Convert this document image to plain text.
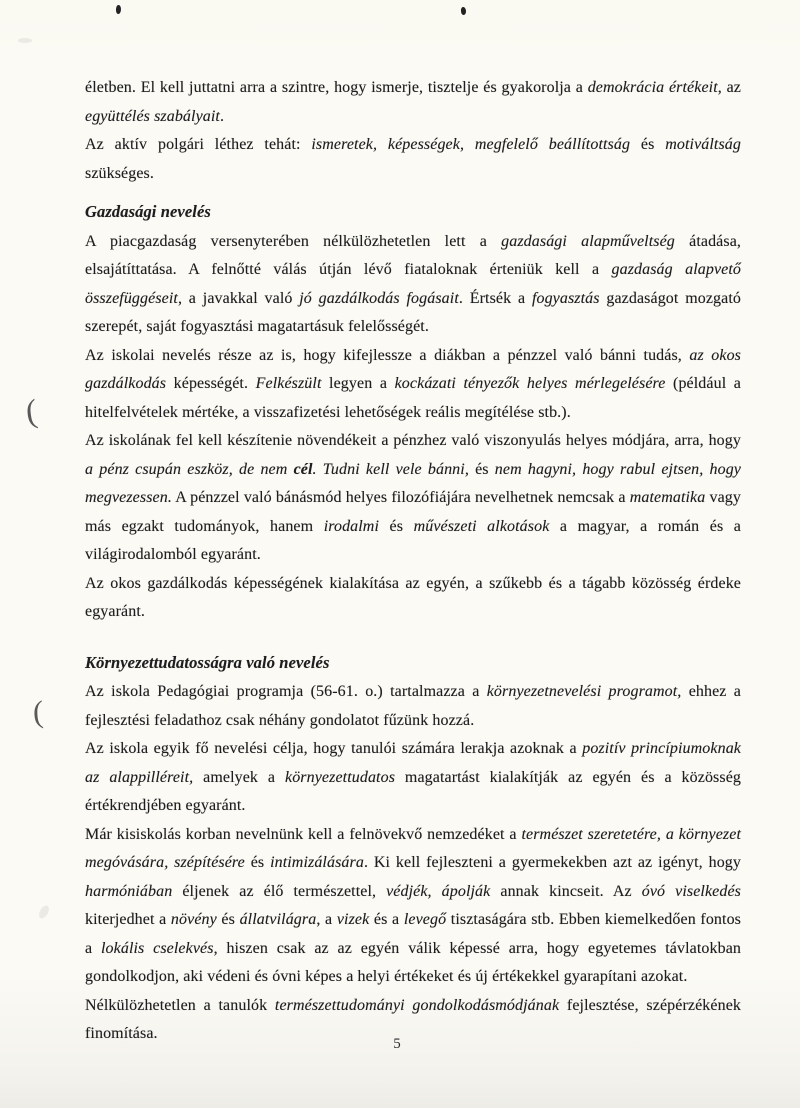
(
(

életben. El kell juttatni arra a szintre, hogy ismerje, tisztelje és gyakorolja a demokrácia értékeit, az együttélés szabályait.

Az aktív polgári léthez tehát: ismeretek, képességek, megfelelő beállítottság és motiváltság szükséges.

Gazdasági nevelés

A piacgazdaság versenyterében nélkülözhetetlen lett a gazdasági alapműveltség átadása, elsajátíttatása. A felnőtté válás útján lévő fiataloknak érteniük kell a gazdaság alapvető összefüggéseit, a javakkal való jó gazdálkodás fogásait. Értsék a fogyasztás gazdaságot mozgató szerepét, saját fogyasztási magatartásuk felelősségét.

Az iskolai nevelés része az is, hogy kifejlessze a diákban a pénzzel való bánni tudás, az okos gazdálkodás képességét. Felkészült legyen a kockázati tényezők helyes mérlegelésére (például a hitelfelvételek mértéke, a visszafizetési lehetőségek reális megítélése stb.).

Az iskolának fel kell készítenie növendékeit a pénzhez való viszonyulás helyes módjára, arra, hogy a pénz csupán eszköz, de nem cél. Tudni kell vele bánni, és nem hagyni, hogy rabul ejtsen, hogy megvezessen. A pénzzel való bánásmód helyes filozófiájára nevelhetnek nemcsak a matematika vagy más egzakt tudományok, hanem irodalmi és művészeti alkotások a magyar, a román és a világirodalomból egyaránt.

Az okos gazdálkodás képességének kialakítása az egyén, a szűkebb és a tágabb közösség érdeke egyaránt.

Környezettudatosságra való nevelés

Az iskola Pedagógiai programja (56-61. o.) tartalmazza a környezetnevelési programot, ehhez a fejlesztési feladathoz csak néhány gondolatot fűzünk hozzá.

Az iskola egyik fő nevelési célja, hogy tanulói számára lerakja azoknak a pozitív princípiumoknak az alappilléreit, amelyek a környezettudatos magatartást kialakítják az egyén és a közösség értékrendjében egyaránt.

Már kisiskolás korban nevelnünk kell a felnövekvő nemzedéket a természet szeretetére, a környezet megóvására, szépítésére és intimizálására. Ki kell fejleszteni a gyermekekben azt az igényt, hogy harmóniában éljenek az élő természettel, védjék, ápolják annak kincseit. Az óvó viselkedés kiterjedhet a növény és állatvilágra, a vizek és a levegő tisztaságára stb. Ebben kiemelkedően fontos a lokális cselekvés, hiszen csak az az egyén válik képessé arra, hogy egyetemes távlatokban gondolkodjon, aki védeni és óvni képes a helyi értékeket és új értékekkel gyarapítani azokat.

Nélkülözhetetlen a tanulók természettudományi gondolkodásmódjának fejlesztése, szépérzékének finomítása.

5
